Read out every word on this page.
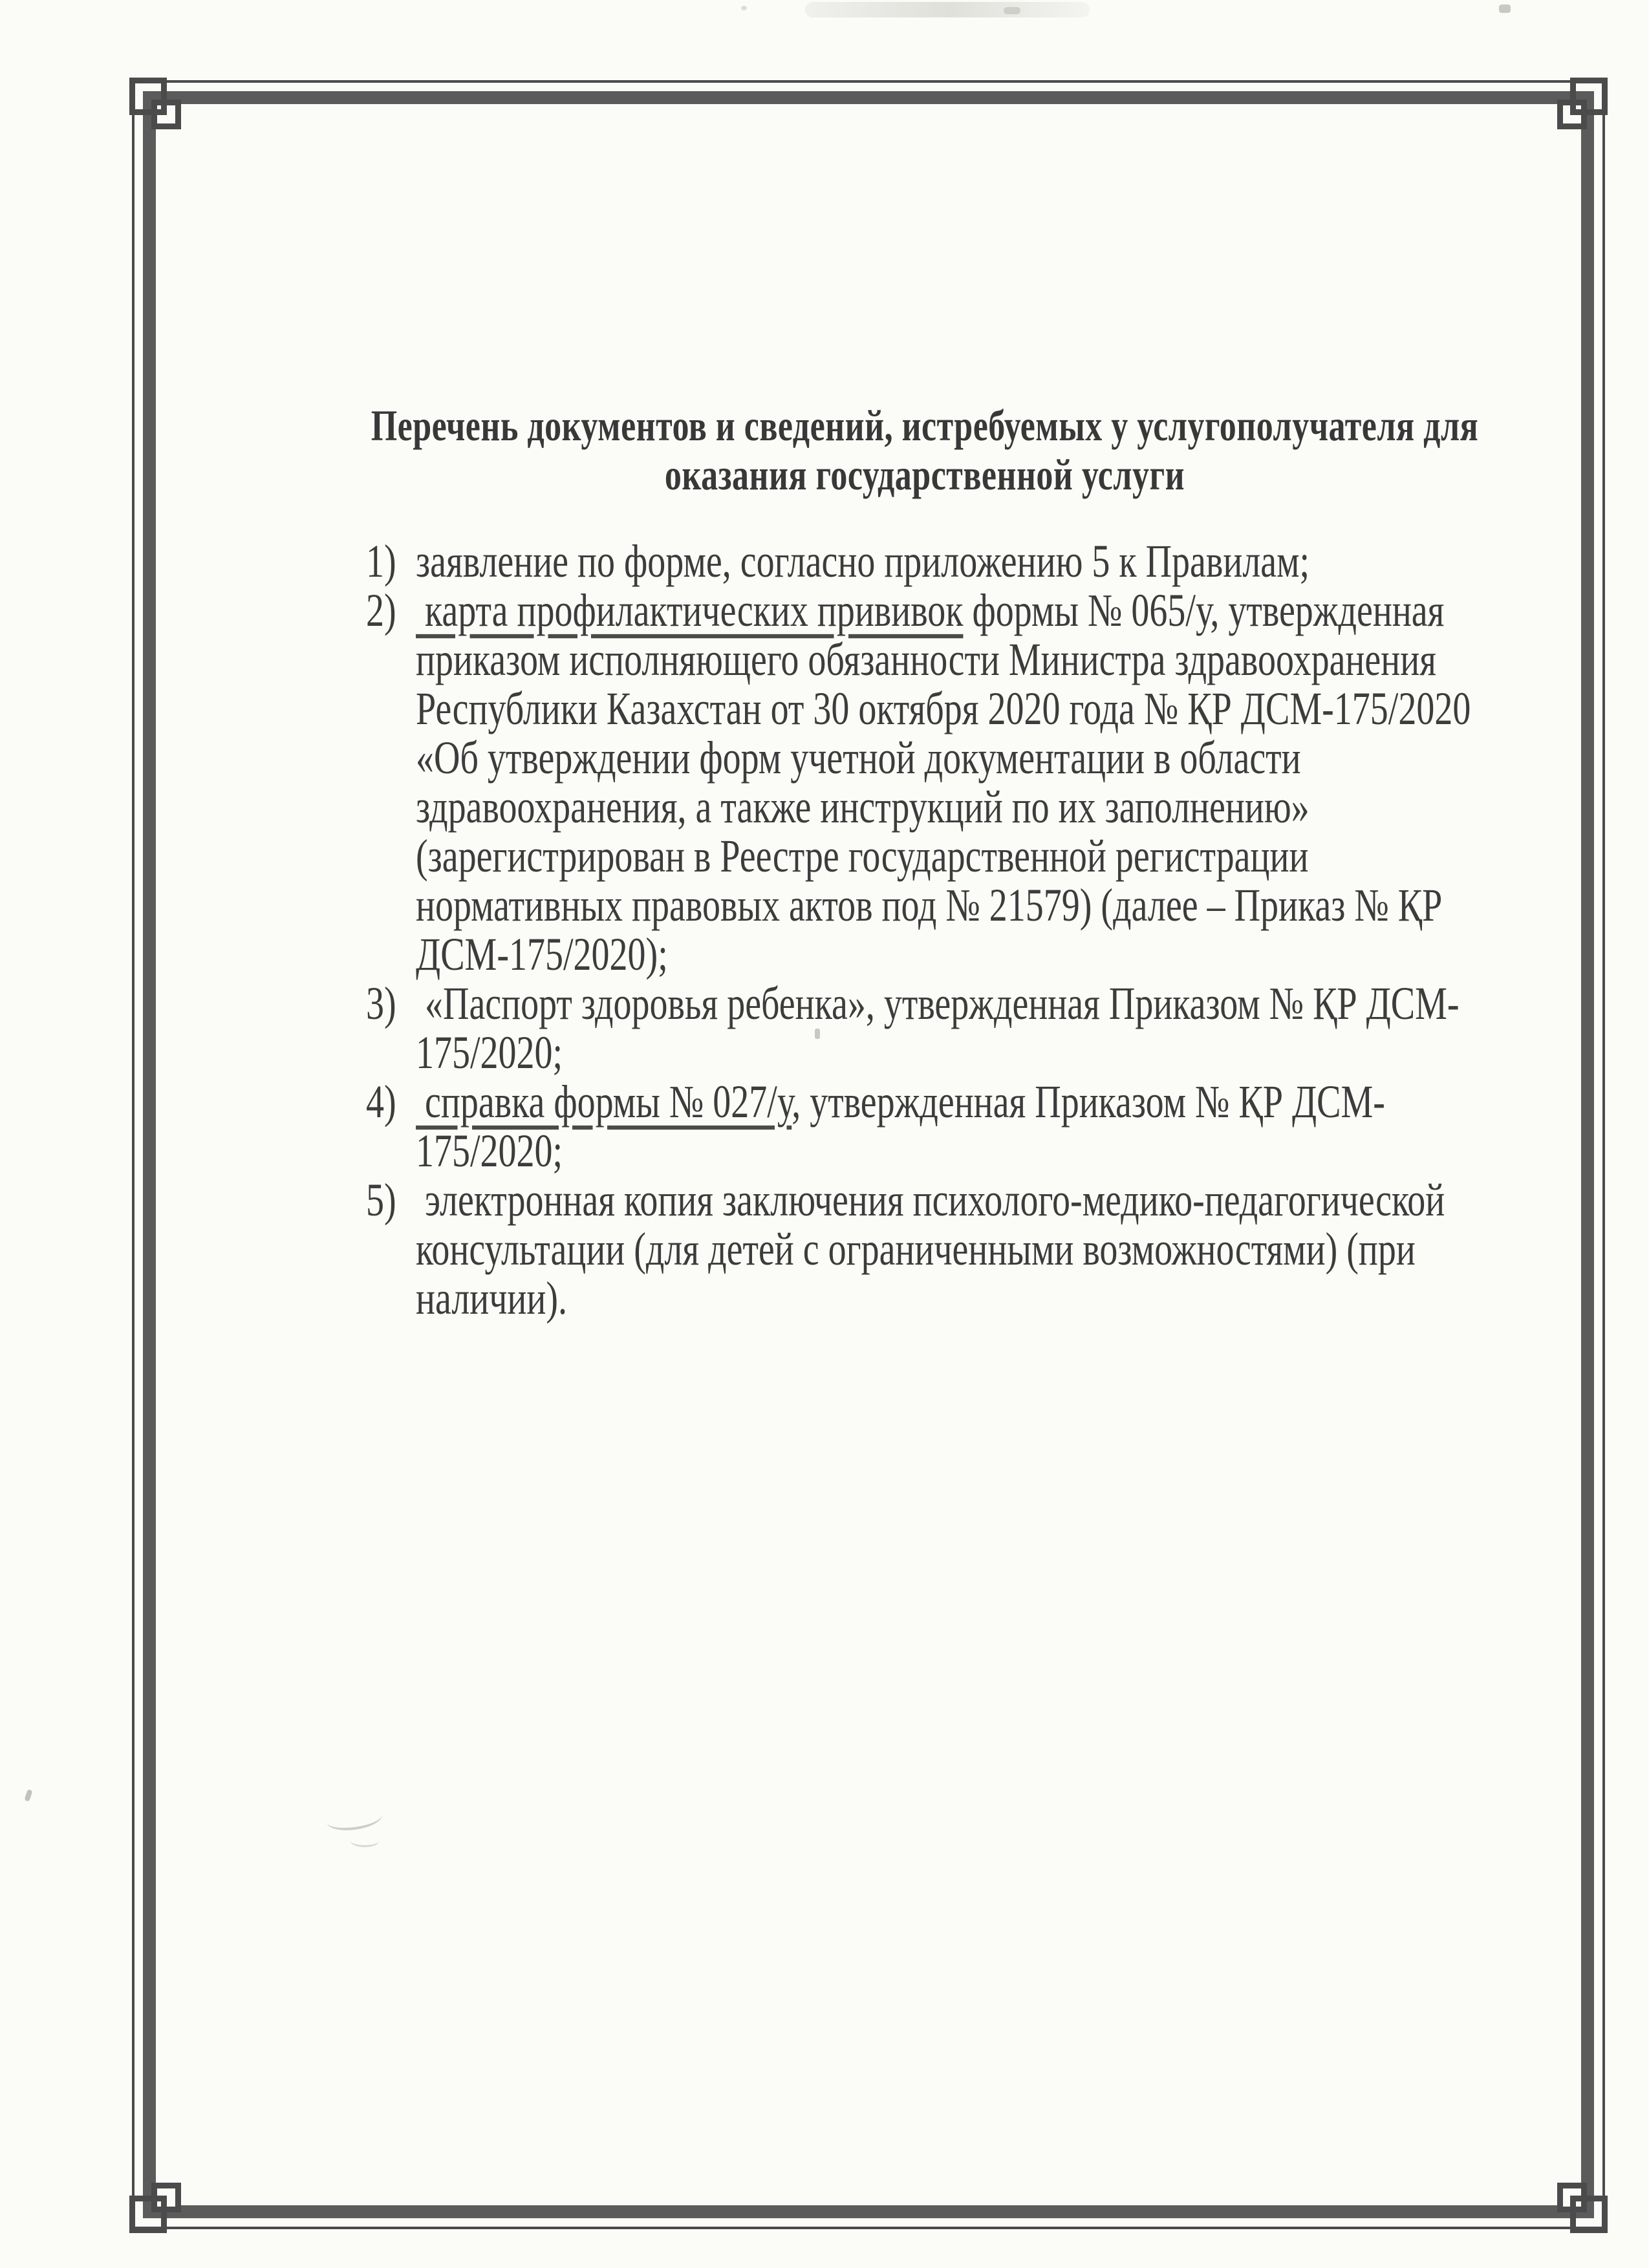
Перечень документов и сведений, истребуемых у услугополучателя для
оказания государственной услуги
1) заявление по форме, согласно приложению 5 к Правилам;
2) карта профилактических прививок формы № 065/у, утвержденная
приказом исполняющего обязанности Министра здравоохранения
Республики Казахстан от 30 октября 2020 года № ҚР ДСМ-175/2020
«Об утверждении форм учетной документации в области
здравоохранения, а также инструкций по их заполнению»
(зарегистрирован в Реестре государственной регистрации
нормативных правовых актов под № 21579) (далее – Приказ № ҚР
ДСМ-175/2020);
3) «Паспорт здоровья ребенка», утвержденная Приказом № ҚР ДСМ-
175/2020;
4) справка формы № 027/у, утвержденная Приказом № ҚР ДСМ-
175/2020;
5) электронная копия заключения психолого-медико-педагогической
консультации (для детей с ограниченными возможностями) (при
наличии).
